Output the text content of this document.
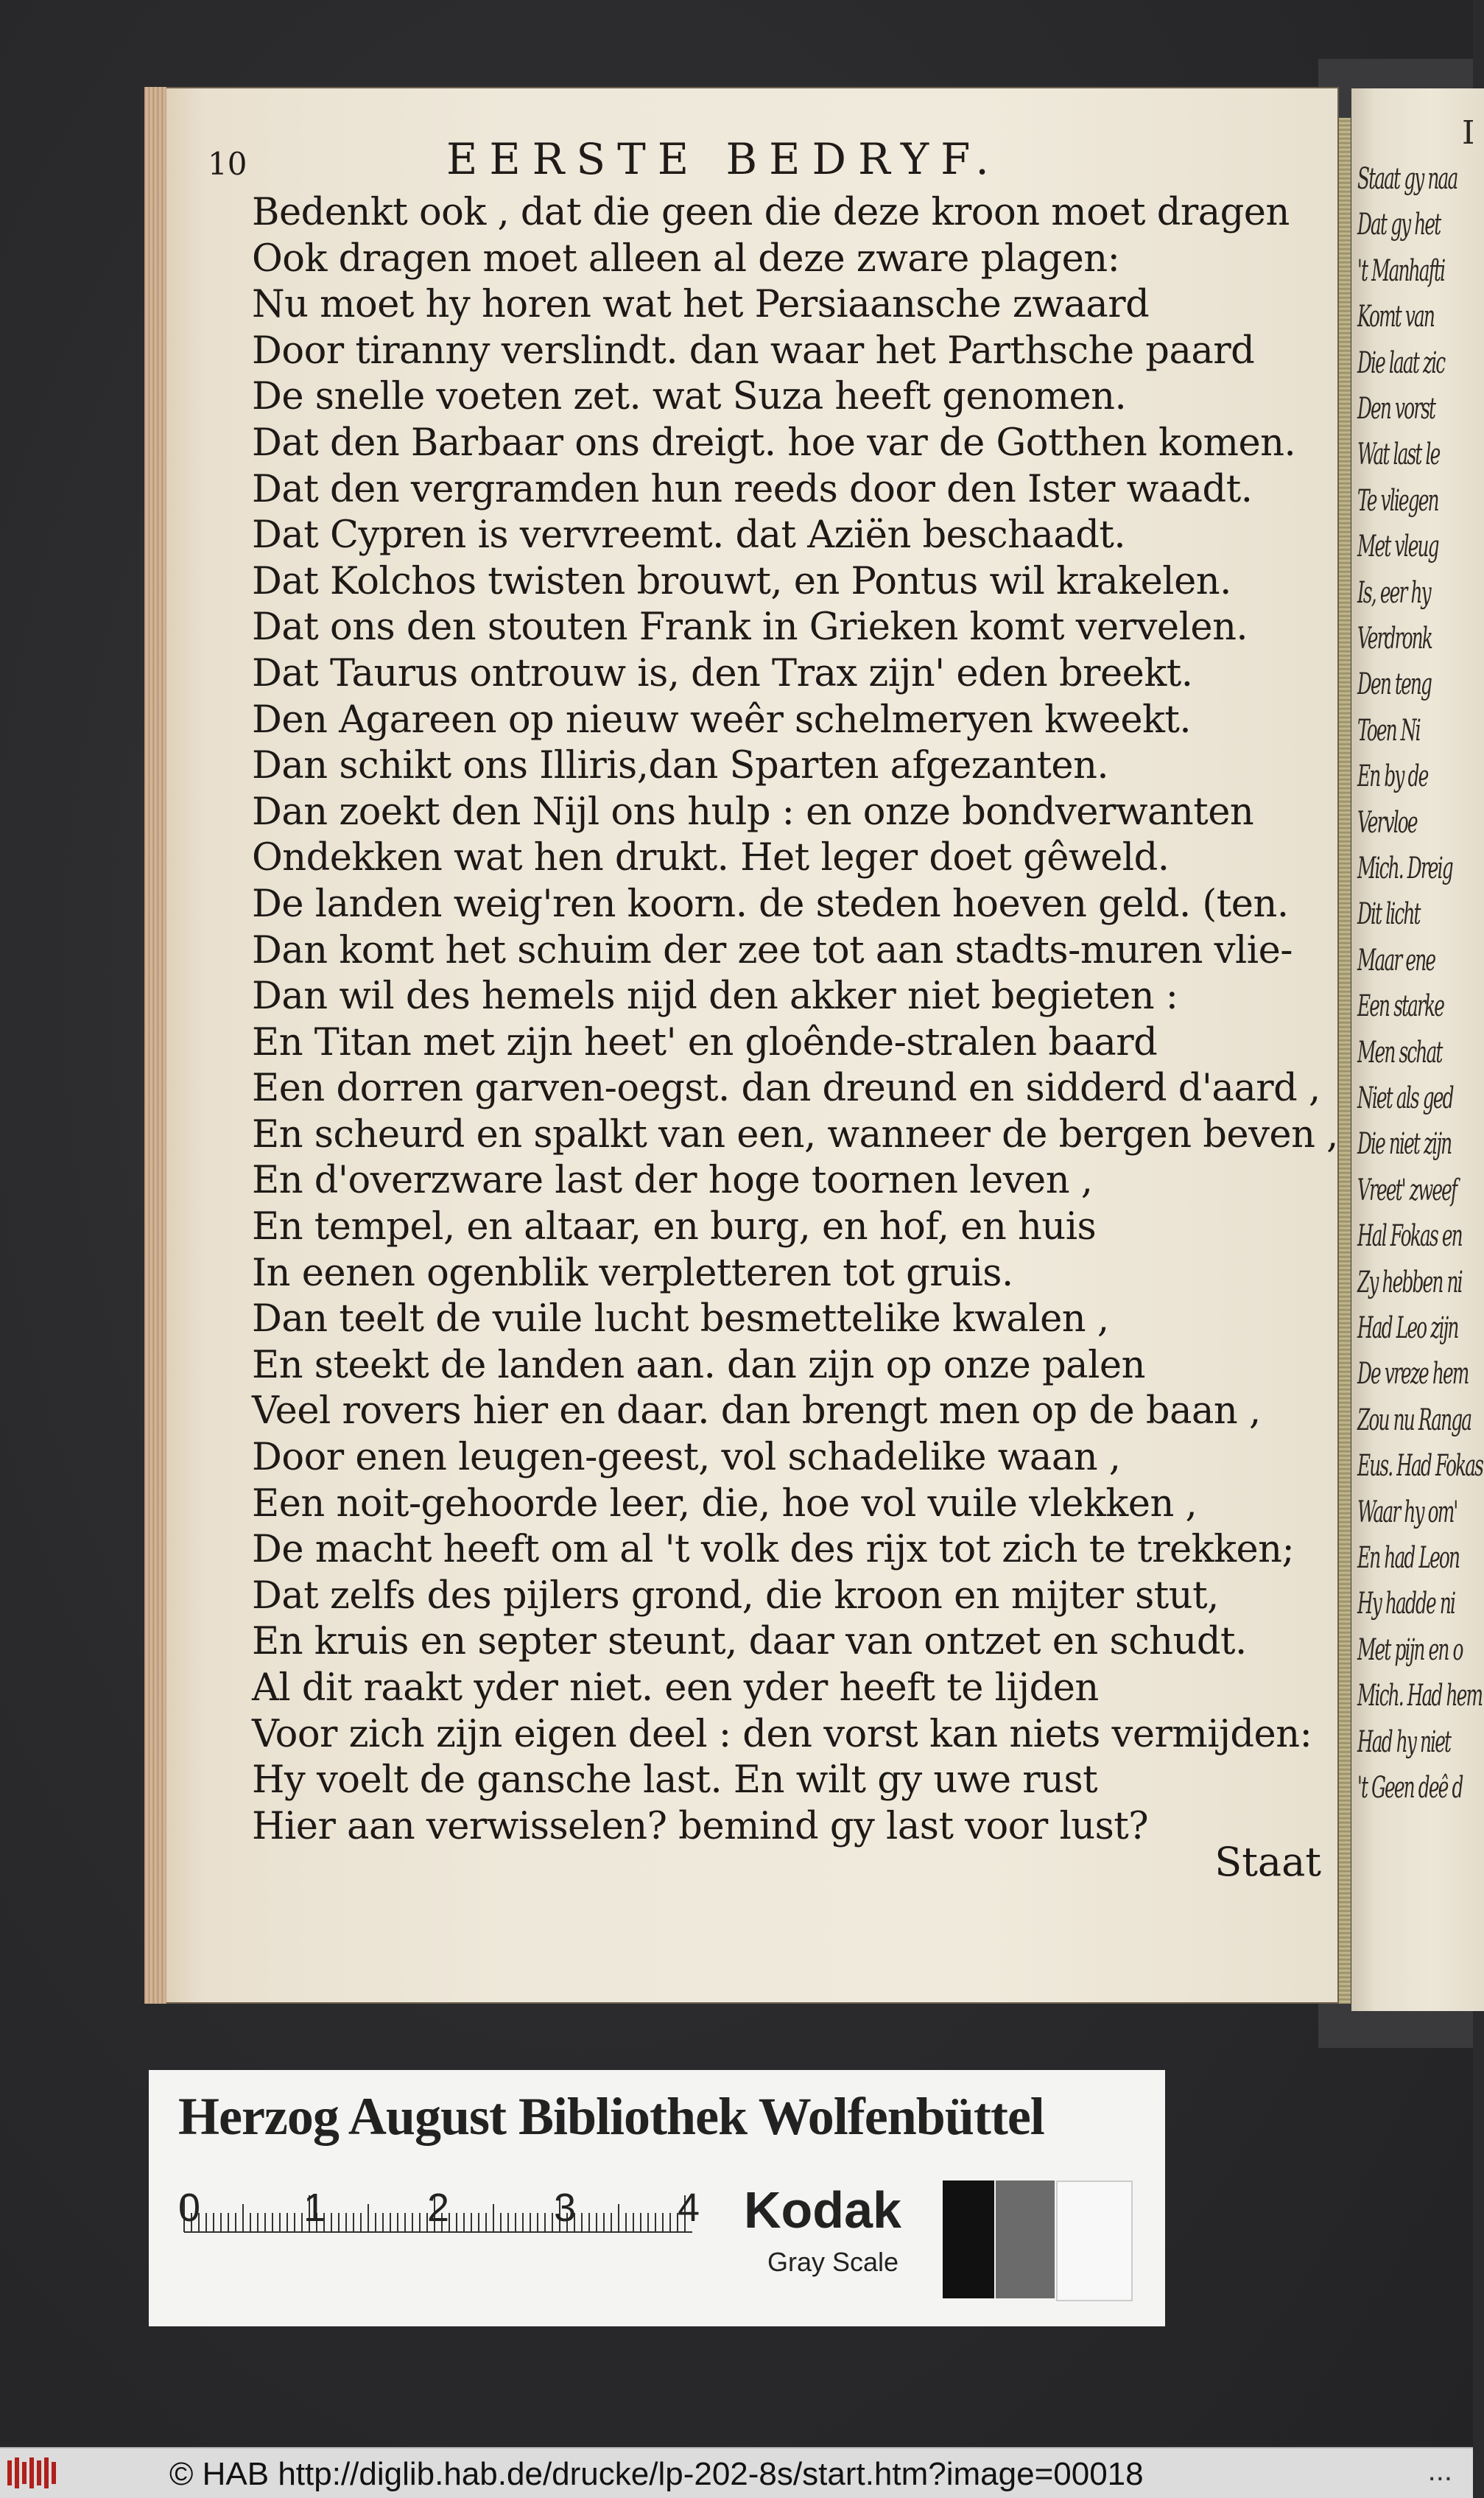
I
Staat gy naa
Dat gy het
't Manhafti
Komt van
Die laat zic
Den vorst
Wat last le
Te vliegen
Met vleug
Is, eer hy
Verdronk
Den teng
Toen Ni
En by de
Vervloe
Mich. Dreig
Dit licht
Maar ene
Een starke
Men schat
Niet als ged
Die niet zijn
Vreet' zweef
Hal Fokas en
Zy hebben ni
Had Leo zijn
De vreze hem
Zou nu Ranga
Eus. Had Fokas
Waar hy om'
En had Leon
Hy hadde ni
Met pijn en o
Mich. Had hem
Had hy niet
't Geen deê d
10	EERSTE BEDRYF.
Bedenkt ook , dat die geen die deze kroon moet dragen
Ook dragen moet alleen al deze zware plagen:
Nu moet hy horen wat het Persiaansche zwaard
Door tiranny verslindt. dan waar het Parthsche paard
De snelle voeten zet. wat Suza heeft genomen.
Dat den Barbaar ons dreigt. hoe var de Gotthen komen.
Dat den vergramden hun reeds door den Ister waadt.
Dat Cypren is vervreemt. dat Aziën beschaadt.
Dat Kolchos twisten brouwt, en Pontus wil krakelen.
Dat ons den stouten Frank in Grieken komt vervelen.
Dat Taurus ontrouw is, den Trax zijn' eden breekt.
Den Agareen op nieuw weêr schelmeryen kweekt.
Dan schikt ons Illiris,dan Sparten afgezanten.
Dan zoekt den Nijl ons hulp : en onze bondverwanten
Ondekken wat hen drukt. Het leger doet gêweld.
De landen weig'ren koorn. de steden hoeven geld. (ten.
Dan komt het schuim der zee tot aan stadts-muren vlie-
Dan wil des hemels nijd den akker niet begieten :
En Titan met zijn heet' en gloênde-stralen baard
Een dorren garven-oegst. dan dreund en sidderd d'aard ,
En scheurd en spalkt van een, wanneer de bergen beven ,
En d'overzware last der hoge toornen leven ,
En tempel, en altaar, en burg, en hof, en huis
In eenen ogenblik verpletteren tot gruis.
Dan teelt de vuile lucht besmettelike kwalen ,
En steekt de landen aan. dan zijn op onze palen
Veel rovers hier en daar. dan brengt men op de baan ,
Door enen leugen-geest, vol schadelike waan ,
Een noit-gehoorde leer, die, hoe vol vuile vlekken ,
De macht heeft om al 't volk des rijx tot zich te trekken;
Dat zelfs des pijlers grond, die kroon en mijter stut,
En kruis en septer steunt, daar van ontzet en schudt.
Al dit raakt yder niet. een yder heeft te lijden
Voor zich zijn eigen deel : den vorst kan niets vermijden:
Hy voelt de gansche last. En wilt gy uwe rust
Hier aan verwisselen? bemind gy last voor lust?
Staat
Herzog August Bibliothek Wolfenbüttel
0	1	2	3	4 Kodak
Gray Scale
© HAB http://diglib.hab.de/drucke/lp-202-8s/start.htm?image=00018	...
